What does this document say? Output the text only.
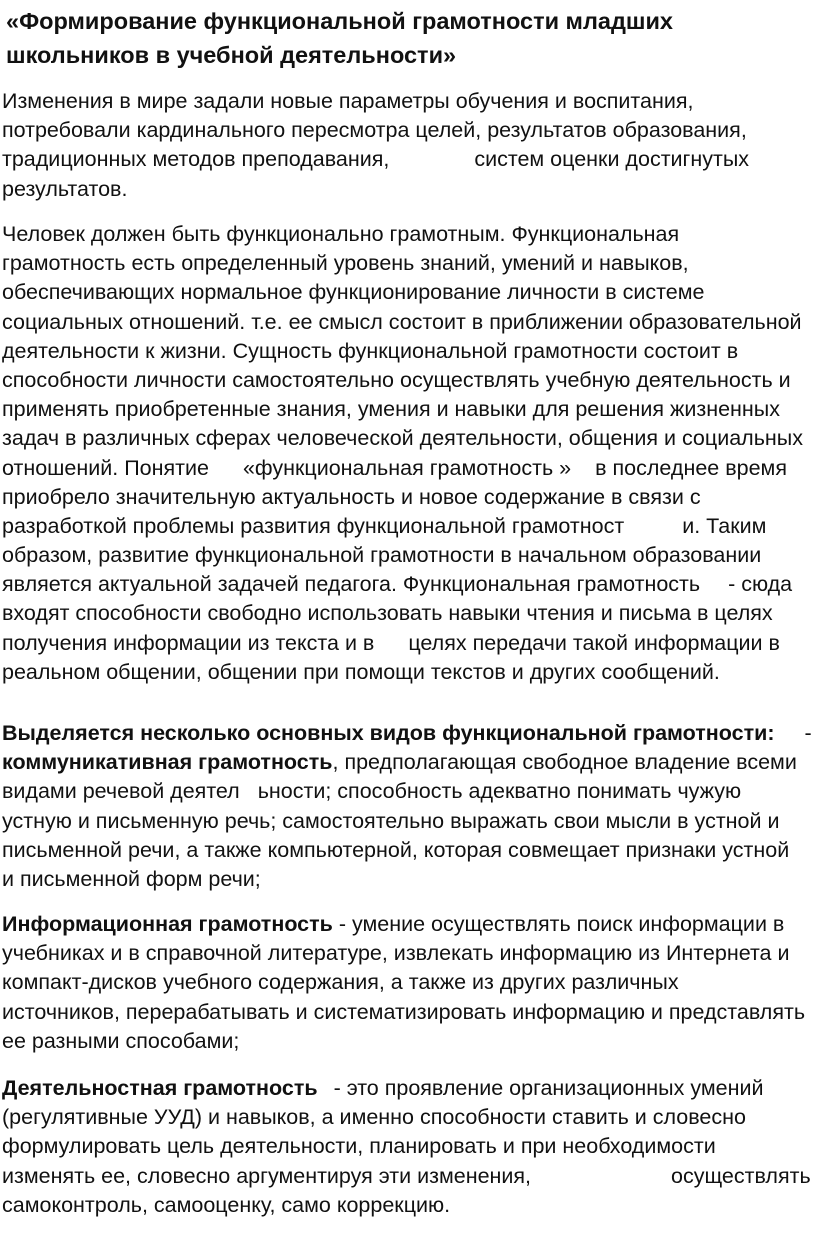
«Формирование функциональной грамотности младших
школьников в учебной деятельности»
Изменения в мире задали новые параметры обучения и воспитания,
потребовали кардинального пересмотра целей, результатов образования,
традиционных методов преподавания,	систем оценки достигнутых
результатов.
Человек должен быть функционально грамотным. Функциональная
грамотность есть определенный уровень знаний, умений и навыков,
обеспечивающих нормальное функционирование личности в системе
социальных отношений. т.е. ее смысл состоит в приближении образовательной
деятельности к жизни. Сущность функциональной грамотности состоит в
способности личности самостоятельно осуществлять учебную деятельность и
применять приобретенные знания, умения и навыки для решения жизненных
задач в различных сферах человеческой деятельности, общения и социальных
отношений. Понятие «функциональная грамотность » в последнее время
приобрело значительную актуальность и новое содержание в связи с
разработкой проблемы развития функциональной грамотност	и. Таким
образом, развитие функциональной грамотности в начальном образовании
является актуальной задачей педагога. Функциональная грамотность - сюда
входят способности свободно использовать навыки чтения и письма в целях
получения информации из текста и в целях передачи такой информации в
реальном общении, общении при помощи текстов и других сообщений.
Выделяется несколько основных видов функциональной грамотности: -
коммуникативная грамотность, предполагающая свободное владение всеми
видами речевой деятел ьности; способность адекватно понимать чужую
устную и письменную речь; самостоятельно выражать свои мысли в устной и
письменной речи, а также компьютерной, которая совмещает признаки устной
и письменной форм речи;
Информационная грамотность - умение осуществлять поиск информации в
учебниках и в справочной литературе, извлекать информацию из Интернета и
компакт-дисков учебного содержания, а также из других различных
источников, перерабатывать и систематизировать информацию и представлять
ее разными способами;
Деятельностная грамотность - это проявление организационных умений
(регулятивные УУД) и навыков, а именно способности ставить и словесно
формулировать цель деятельности, планировать и при необходимости
изменять ее, словесно аргументируя эти изменения,	осуществлять
самоконтроль, самооценку, само коррекцию.
